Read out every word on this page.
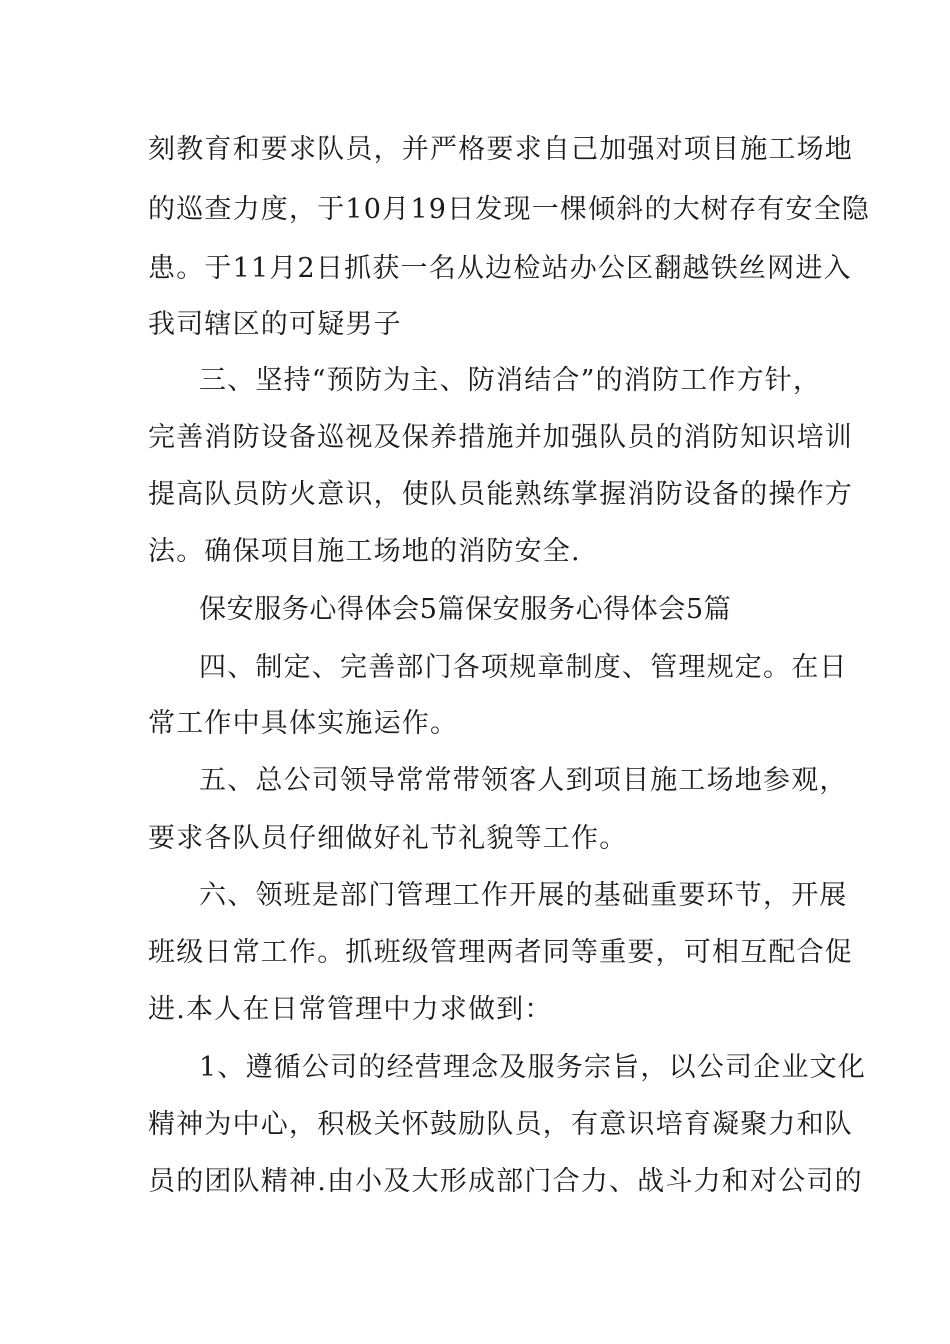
刻教育和要求队员，并严格要求自己加强对项目施工场地
的巡查力度，于10月19日发现一棵倾斜的大树存有安全隐
患。于11月2日抓获一名从边检站办公区翻越铁丝网进入
我司辖区的可疑男子
三、坚持“预防为主、防消结合”的消防工作方针，
完善消防设备巡视及保养措施并加强队员的消防知识培训
提高队员防火意识，使队员能熟练掌握消防设备的操作方
法。确保项目施工场地的消防安全.
保安服务心得体会5篇保安服务心得体会5篇
四、制定、完善部门各项规章制度、管理规定。在日
常工作中具体实施运作。
五、总公司领导常常带领客人到项目施工场地参观，
要求各队员仔细做好礼节礼貌等工作。
六、领班是部门管理工作开展的基础重要环节，开展
班级日常工作。抓班级管理两者同等重要，可相互配合促
进.本人在日常管理中力求做到：
1、遵循公司的经营理念及服务宗旨，以公司企业文化
精神为中心，积极关怀鼓励队员，有意识培育凝聚力和队
员的团队精神.由小及大形成部门合力、战斗力和对公司的
